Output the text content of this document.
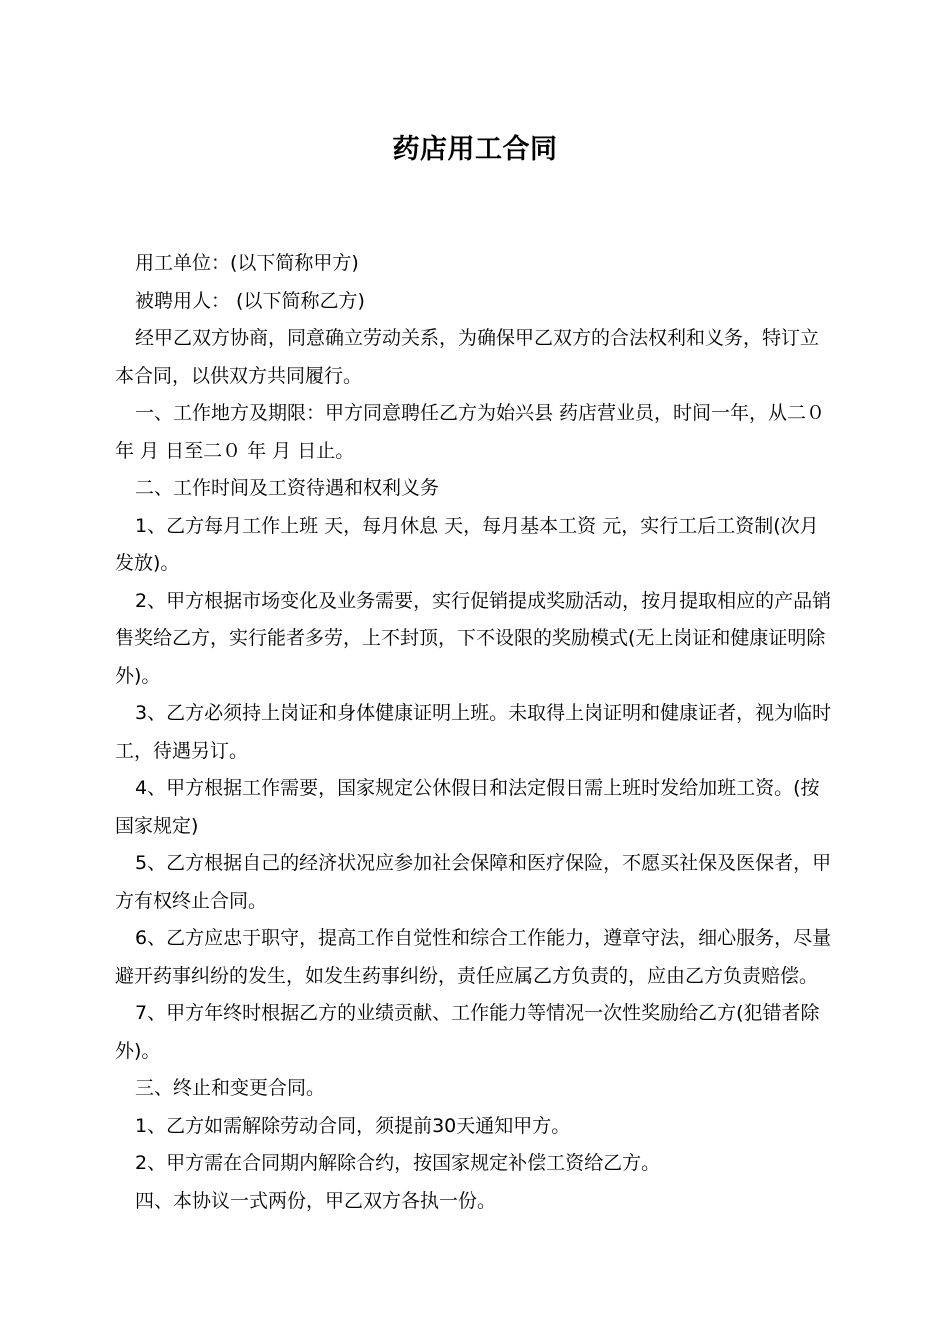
药店用工合同

用工单位：(以下简称甲方)

被聘用人： (以下简称乙方)

经甲乙双方协商，同意确立劳动关系，为确保甲乙双方的合法权利和义务，特订立本合同，以供双方共同履行。

一、工作地方及期限：甲方同意聘任乙方为始兴县 药店营业员，时间一年，从二０年 月 日至二０ 年 月 日止。

二、工作时间及工资待遇和权利义务

1、乙方每月工作上班 天，每月休息 天，每月基本工资 元，实行工后工资制(次月发放)。

2、甲方根据市场变化及业务需要，实行促销提成奖励活动，按月提取相应的产品销售奖给乙方，实行能者多劳，上不封顶，下不设限的奖励模式(无上岗证和健康证明除外)。

3、乙方必须持上岗证和身体健康证明上班。未取得上岗证明和健康证者，视为临时工，待遇另订。

4、甲方根据工作需要，国家规定公休假日和法定假日需上班时发给加班工资。(按国家规定)

5、乙方根据自己的经济状况应参加社会保障和医疗保险，不愿买社保及医保者，甲方有权终止合同。

6、乙方应忠于职守，提高工作自觉性和综合工作能力，遵章守法，细心服务，尽量避开药事纠纷的发生，如发生药事纠纷，责任应属乙方负责的，应由乙方负责赔偿。

7、甲方年终时根据乙方的业绩贡献、工作能力等情况一次性奖励给乙方(犯错者除外)。

三、终止和变更合同。

1、乙方如需解除劳动合同，须提前30天通知甲方。

2、甲方需在合同期内解除合约，按国家规定补偿工资给乙方。

四、本协议一式两份，甲乙双方各执一份。
